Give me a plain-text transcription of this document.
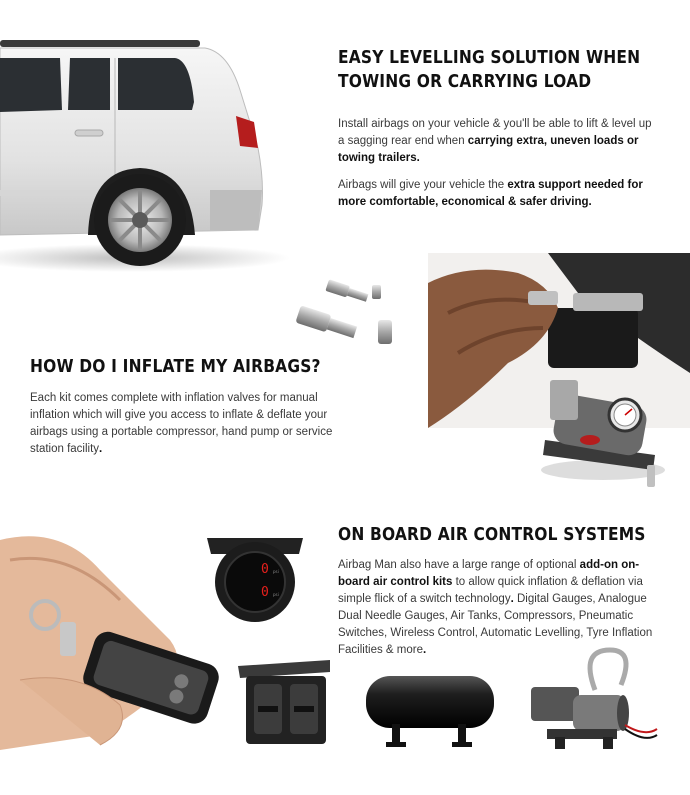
EASY LEVELLING SOLUTION WHEN TOWING OR CARRYING LOAD

Install airbags on your vehicle & you'll be able to lift & level up a sagging rear end when carrying extra, uneven loads or towing trailers.

Airbags will give your vehicle the extra support needed for more comfortable, economical & safer driving.

HOW DO I INFLATE MY AIRBAGS?

Each kit comes complete with inflation valves for manual inflation which will give you access to inflate & deflate your airbags using a portable compressor, hand pump or service station facility.

0
0
psi
psi
ON BOARD AIR CONTROL SYSTEMS

Airbag Man also have a large range of optional add-on on-board air control kits to allow quick inflation & deflation via simple flick of a switch technology. Digital Gauges, Analogue Dual Needle Gauges, Air Tanks, Compressors, Pneumatic Switches, Wireless Control, Automatic Levelling, Tyre Inflation Facilities & more.
